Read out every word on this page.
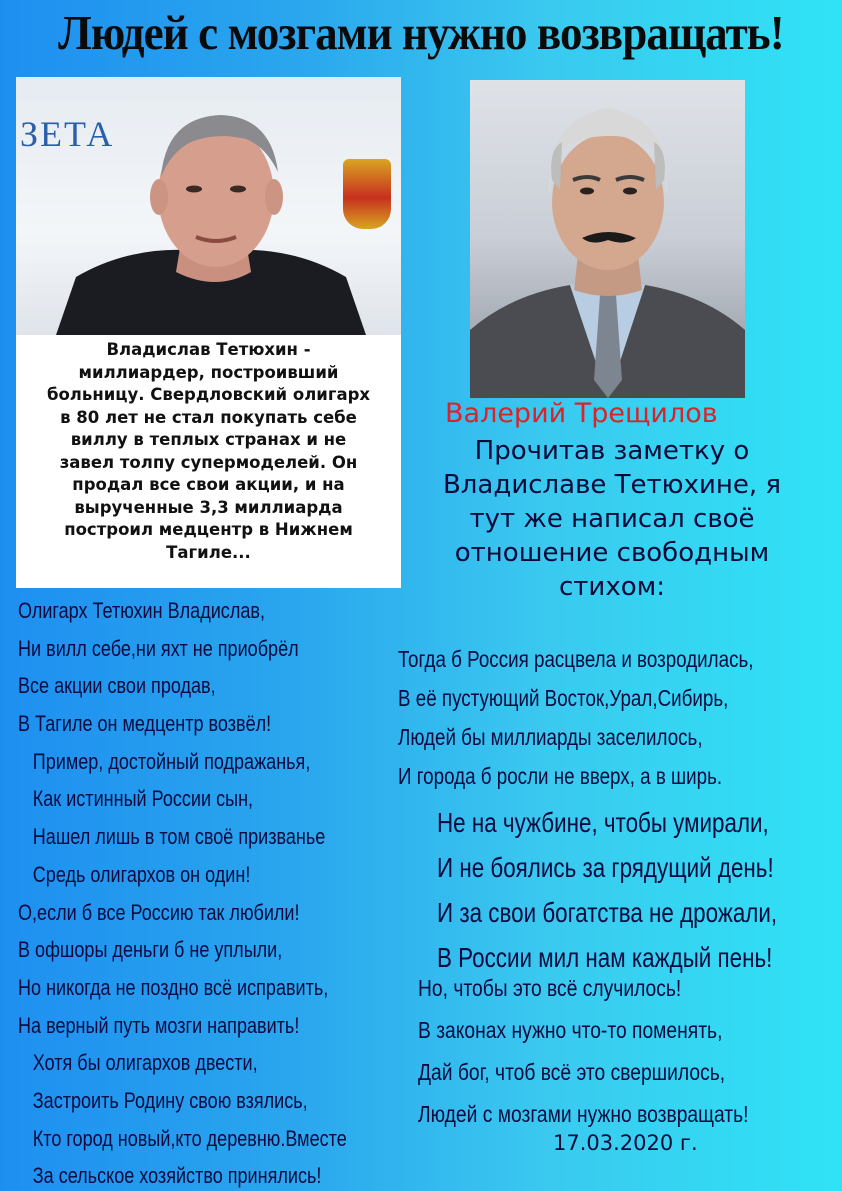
Людей с мозгами нужно возвращать!
ЗЕТА
Владислав Тетюхин -
миллиардер, построивший
больницу. Свердловский олигарх
в 80 лет не стал покупать себе
виллу в теплых странах и не
завел толпу супермоделей. Он
продал все свои акции, и на
вырученные 3,3 миллиарда
построил медцентр в Нижнем
Тагиле...
Валерий Трещилов
Прочитав заметку о
Владиславе Тетюхине, я
тут же написал своё
отношение свободным
стихом:
Олигарх Тетюхин Владислав,
Ни вилл себе,ни яхт не приобрёл
Все акции свои продав,
В Тагиле он медцентр возвёл!
Пример, достойный подражанья,
Как истинный России сын,
Нашел лишь в том своё призванье
Средь олигархов он один!
О,если б все Россию так любили!
В офшоры деньги б не уплыли,
Но никогда не поздно всё исправить,
На верный путь мозги направить!
Хотя бы олигархов двести,
Застроить Родину свою взялись,
Кто город новый,кто деревню.Вместе
За сельское хозяйство принялись!
Тогда б Россия расцвела и возродилась,
В её пустующий Восток,Урал,Сибирь,
Людей бы миллиарды заселилось,
И города б росли не вверх, а в ширь.
Не на чужбине, чтобы умирали,
И не боялись за грядущий день!
И за свои богатства не дрожали,
В России мил нам каждый пень!
Но, чтобы это всё случилось!
В законах нужно что-то поменять,
Дай бог, чтоб всё это свершилось,
Людей с мозгами нужно возвращать!
17.03.2020 г.
